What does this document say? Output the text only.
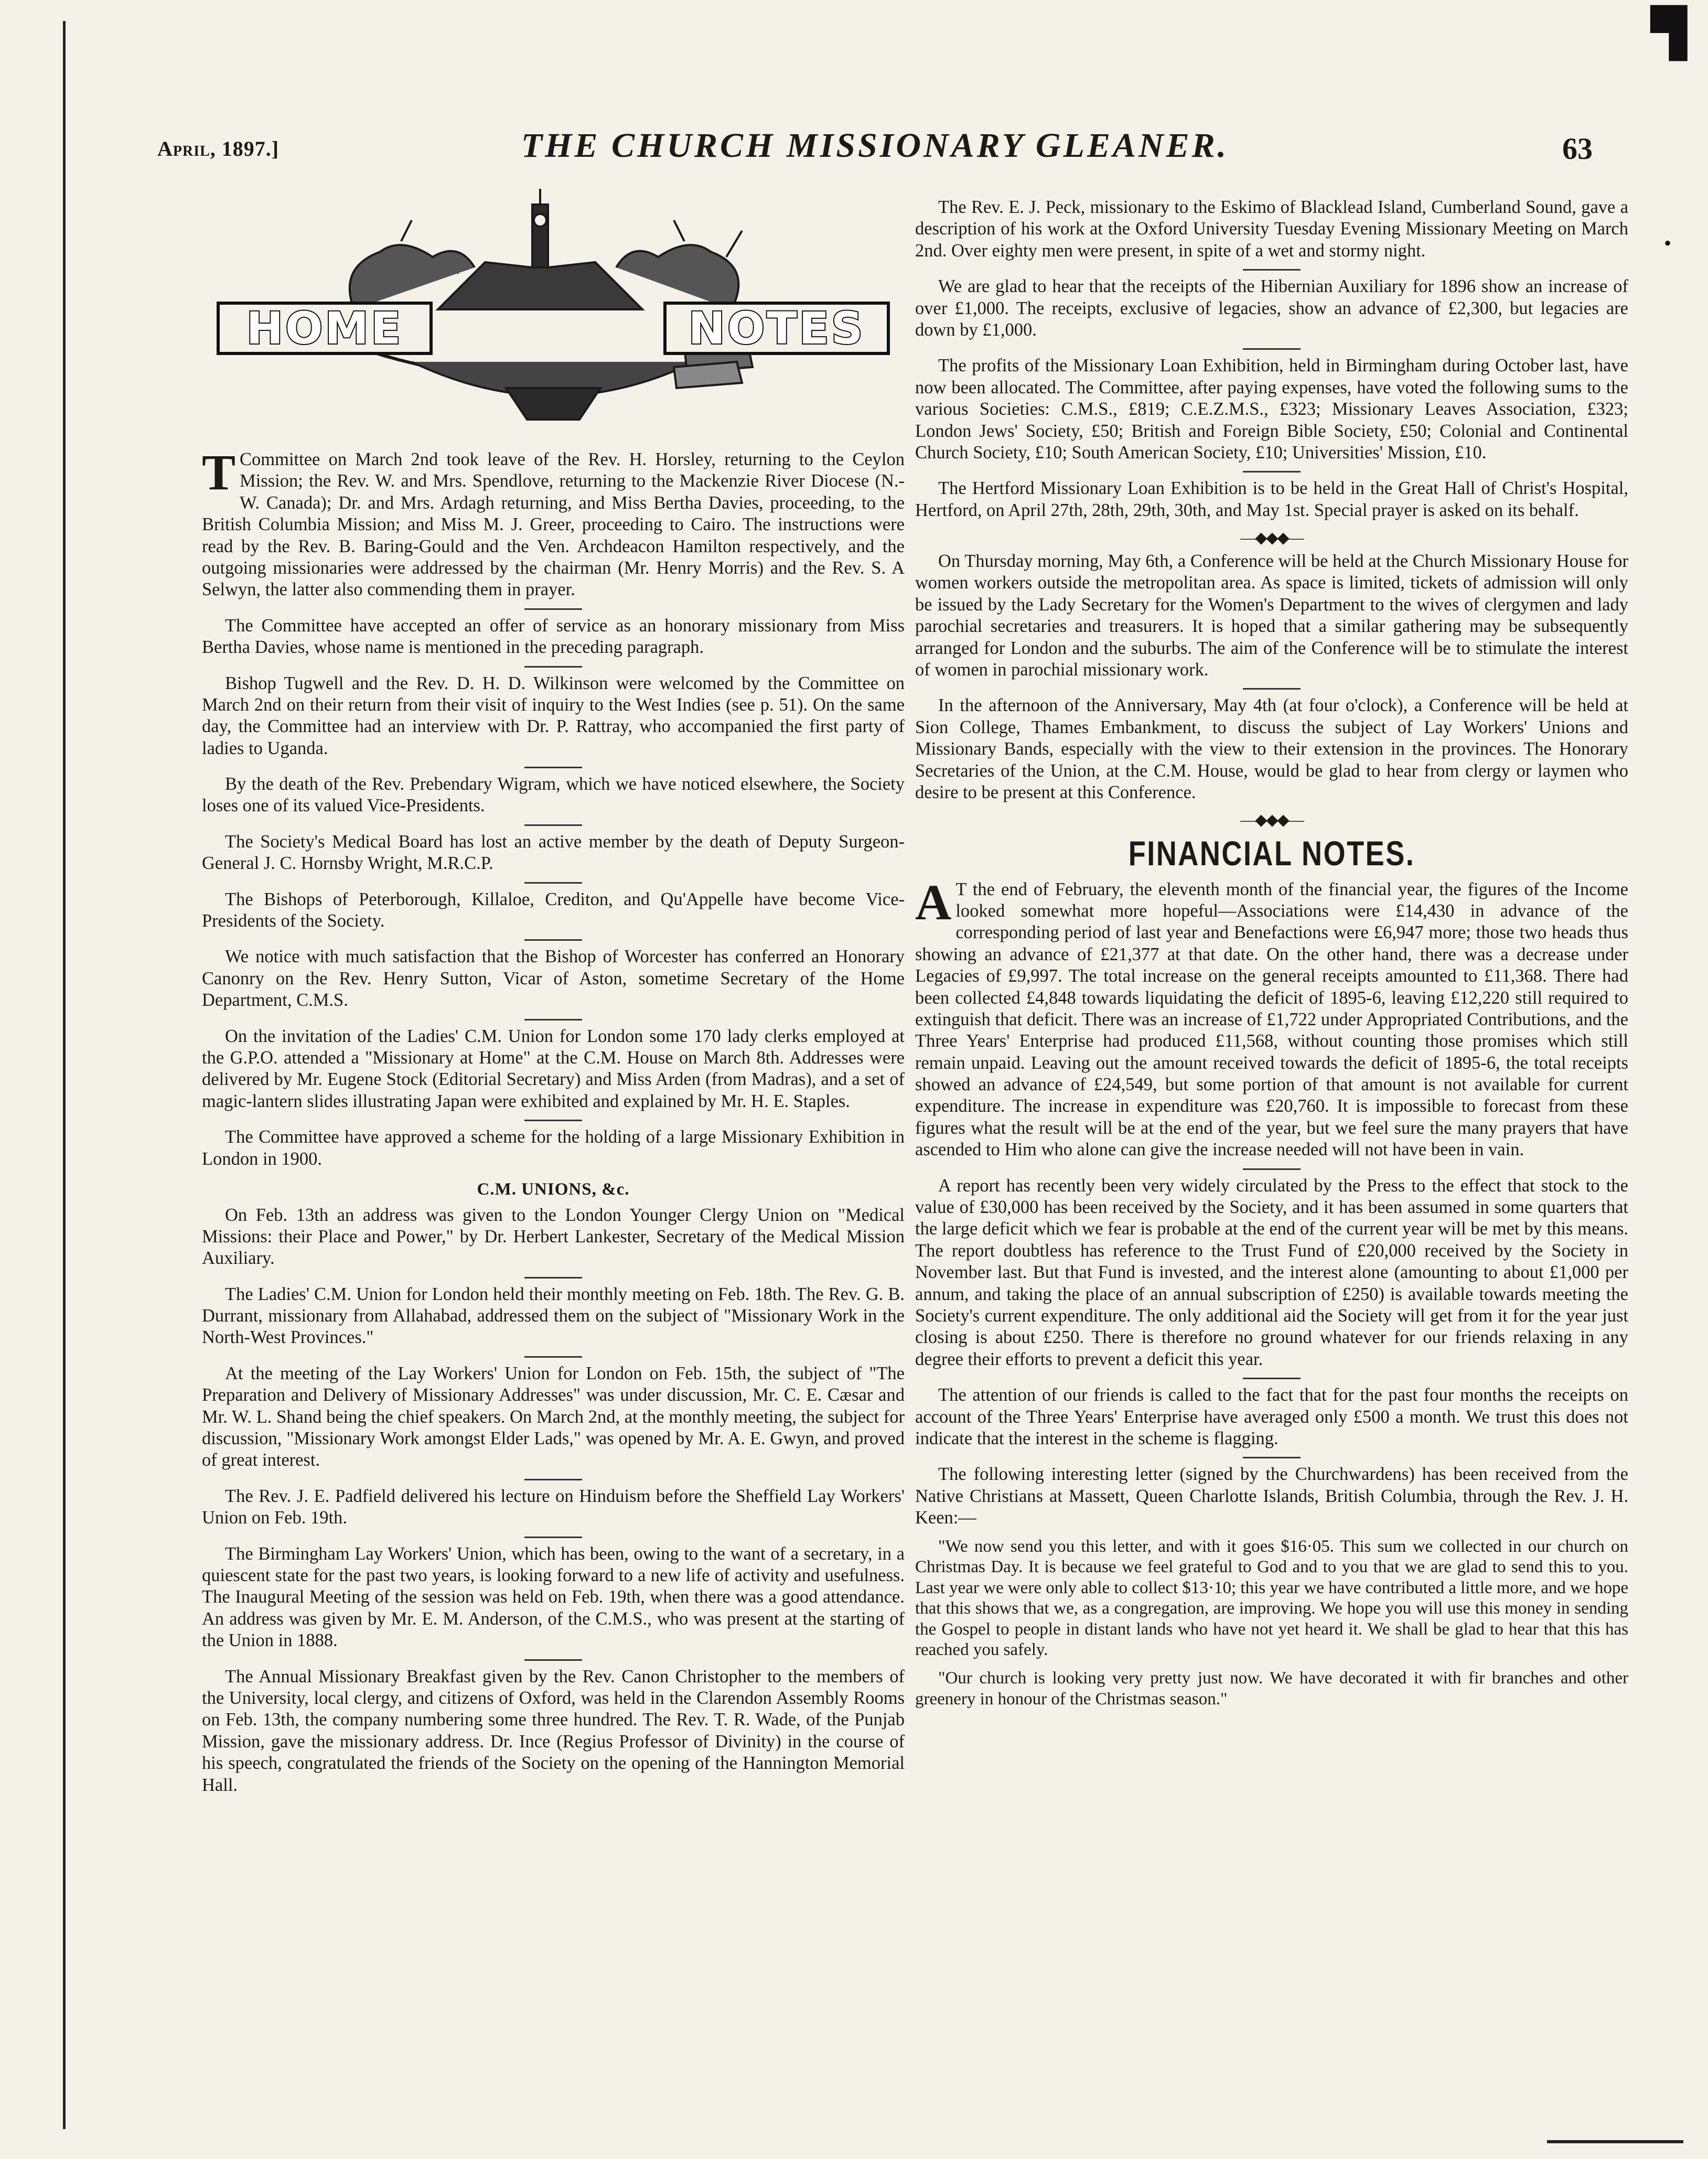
▜
•
April, 1897.]	THE CHURCH MISSIONARY GLEANER.	63
HOME	NOTES

T Committee on March 2nd took leave of the Rev. H. Horsley, returning to the Ceylon Mission; the Rev. W. and Mrs. Spendlove, returning to the Mackenzie River Diocese (N.-W. Canada); Dr. and Mrs. Ardagh returning, and Miss Bertha Davies, proceeding, to the British Columbia Mission; and Miss M. J. Greer, proceeding to Cairo. The instructions were read by the Rev. B. Baring-Gould and the Ven. Archdeacon Hamilton respectively, and the outgoing missionaries were addressed by the chairman (Mr. Henry Morris) and the Rev. S. A Selwyn, the latter also commending them in prayer.

The Committee have accepted an offer of service as an honorary missionary from Miss Bertha Davies, whose name is mentioned in the preceding paragraph.

Bishop Tugwell and the Rev. D. H. D. Wilkinson were welcomed by the Committee on March 2nd on their return from their visit of inquiry to the West Indies (see p. 51). On the same day, the Committee had an interview with Dr. P. Rattray, who accompanied the first party of ladies to Uganda.

By the death of the Rev. Prebendary Wigram, which we have noticed elsewhere, the Society loses one of its valued Vice-Presidents.

The Society's Medical Board has lost an active member by the death of Deputy Surgeon-General J. C. Hornsby Wright, M.R.C.P.

The Bishops of Peterborough, Killaloe, Crediton, and Qu'Appelle have become Vice-Presidents of the Society.

We notice with much satisfaction that the Bishop of Worcester has conferred an Honorary Canonry on the Rev. Henry Sutton, Vicar of Aston, sometime Secretary of the Home Department, C.M.S.

On the invitation of the Ladies' C.M. Union for London some 170 lady clerks employed at the G.P.O. attended a "Missionary at Home" at the C.M. House on March 8th. Addresses were delivered by Mr. Eugene Stock (Editorial Secretary) and Miss Arden (from Madras), and a set of magic-lantern slides illustrating Japan were exhibited and explained by Mr. H. E. Staples.

The Committee have approved a scheme for the holding of a large Missionary Exhibition in London in 1900.

C.M. UNIONS, &c.

On Feb. 13th an address was given to the London Younger Clergy Union on "Medical Missions: their Place and Power," by Dr. Herbert Lankester, Secretary of the Medical Mission Auxiliary.

The Ladies' C.M. Union for London held their monthly meeting on Feb. 18th. The Rev. G. B. Durrant, missionary from Allahabad, addressed them on the subject of "Missionary Work in the North-West Provinces."

At the meeting of the Lay Workers' Union for London on Feb. 15th, the subject of "The Preparation and Delivery of Missionary Addresses" was under discussion, Mr. C. E. Cæsar and Mr. W. L. Shand being the chief speakers. On March 2nd, at the monthly meeting, the subject for discussion, "Missionary Work amongst Elder Lads," was opened by Mr. A. E. Gwyn, and proved of great interest.

The Rev. J. E. Padfield delivered his lecture on Hinduism before the Sheffield Lay Workers' Union on Feb. 19th.

The Birmingham Lay Workers' Union, which has been, owing to the want of a secretary, in a quiescent state for the past two years, is looking forward to a new life of activity and usefulness. The Inaugural Meeting of the session was held on Feb. 19th, when there was a good attendance. An address was given by Mr. E. M. Anderson, of the C.M.S., who was present at the starting of the Union in 1888.

The Annual Missionary Breakfast given by the Rev. Canon Christopher to the members of the University, local clergy, and citizens of Oxford, was held in the Clarendon Assembly Rooms on Feb. 13th, the company numbering some three hundred. The Rev. T. R. Wade, of the Punjab Mission, gave the missionary address. Dr. Ince (Regius Professor of Divinity) in the course of his speech, congratulated the friends of the Society on the opening of the Hannington Memorial Hall.

The Rev. E. J. Peck, missionary to the Eskimo of Blacklead Island, Cumberland Sound, gave a description of his work at the Oxford University Tuesday Evening Missionary Meeting on March 2nd. Over eighty men were present, in spite of a wet and stormy night.

We are glad to hear that the receipts of the Hibernian Auxiliary for 1896 show an increase of over £1,000. The receipts, exclusive of legacies, show an advance of £2,300, but legacies are down by £1,000.

The profits of the Missionary Loan Exhibition, held in Birmingham during October last, have now been allocated. The Committee, after paying expenses, have voted the following sums to the various Societies: C.M.S., £819; C.E.Z.M.S., £323; Missionary Leaves Association, £323; London Jews' Society, £50; British and Foreign Bible Society, £50; Colonial and Continental Church Society, £10; South American Society, £10; Universities' Mission, £10.

The Hertford Missionary Loan Exhibition is to be held in the Great Hall of Christ's Hospital, Hertford, on April 27th, 28th, 29th, 30th, and May 1st. Special prayer is asked on its behalf.

—◆◆◆—

On Thursday morning, May 6th, a Conference will be held at the Church Missionary House for women workers outside the metropolitan area. As space is limited, tickets of admission will only be issued by the Lady Secretary for the Women's Department to the wives of clergymen and lady parochial secretaries and treasurers. It is hoped that a similar gathering may be subsequently arranged for London and the suburbs. The aim of the Conference will be to stimulate the interest of women in parochial missionary work.

In the afternoon of the Anniversary, May 4th (at four o'clock), a Conference will be held at Sion College, Thames Embankment, to discuss the subject of Lay Workers' Unions and Missionary Bands, especially with the view to their extension in the provinces. The Honorary Secretaries of the Union, at the C.M. House, would be glad to hear from clergy or laymen who desire to be present at this Conference.

—◆◆◆—
FINANCIAL NOTES.

A T the end of February, the eleventh month of the financial year, the figures of the Income looked somewhat more hopeful—Associations were £14,430 in advance of the corresponding period of last year and Benefactions were £6,947 more; those two heads thus showing an advance of £21,377 at that date. On the other hand, there was a decrease under Legacies of £9,997. The total increase on the general receipts amounted to £11,368. There had been collected £4,848 towards liquidating the deficit of 1895-6, leaving £12,220 still required to extinguish that deficit. There was an increase of £1,722 under Appropriated Contributions, and the Three Years' Enterprise had produced £11,568, without counting those promises which still remain unpaid. Leaving out the amount received towards the deficit of 1895-6, the total receipts showed an advance of £24,549, but some portion of that amount is not available for current expenditure. The increase in expenditure was £20,760. It is impossible to forecast from these figures what the result will be at the end of the year, but we feel sure the many prayers that have ascended to Him who alone can give the increase needed will not have been in vain.

A report has recently been very widely circulated by the Press to the effect that stock to the value of £30,000 has been received by the Society, and it has been assumed in some quarters that the large deficit which we fear is probable at the end of the current year will be met by this means. The report doubtless has reference to the Trust Fund of £20,000 received by the Society in November last. But that Fund is invested, and the interest alone (amounting to about £1,000 per annum, and taking the place of an annual subscription of £250) is available towards meeting the Society's current expenditure. The only additional aid the Society will get from it for the year just closing is about £250. There is therefore no ground whatever for our friends relaxing in any degree their efforts to prevent a deficit this year.

The attention of our friends is called to the fact that for the past four months the receipts on account of the Three Years' Enterprise have averaged only £500 a month. We trust this does not indicate that the interest in the scheme is flagging.

The following interesting letter (signed by the Churchwardens) has been received from the Native Christians at Massett, Queen Charlotte Islands, British Columbia, through the Rev. J. H. Keen:—

"We now send you this letter, and with it goes $16·05. This sum we collected in our church on Christmas Day. It is because we feel grateful to God and to you that we are glad to send this to you. Last year we were only able to collect $13·10; this year we have contributed a little more, and we hope that this shows that we, as a congregation, are improving. We hope you will use this money in sending the Gospel to people in distant lands who have not yet heard it. We shall be glad to hear that this has reached you safely.

"Our church is looking very pretty just now. We have decorated it with fir branches and other greenery in honour of the Christmas season."
